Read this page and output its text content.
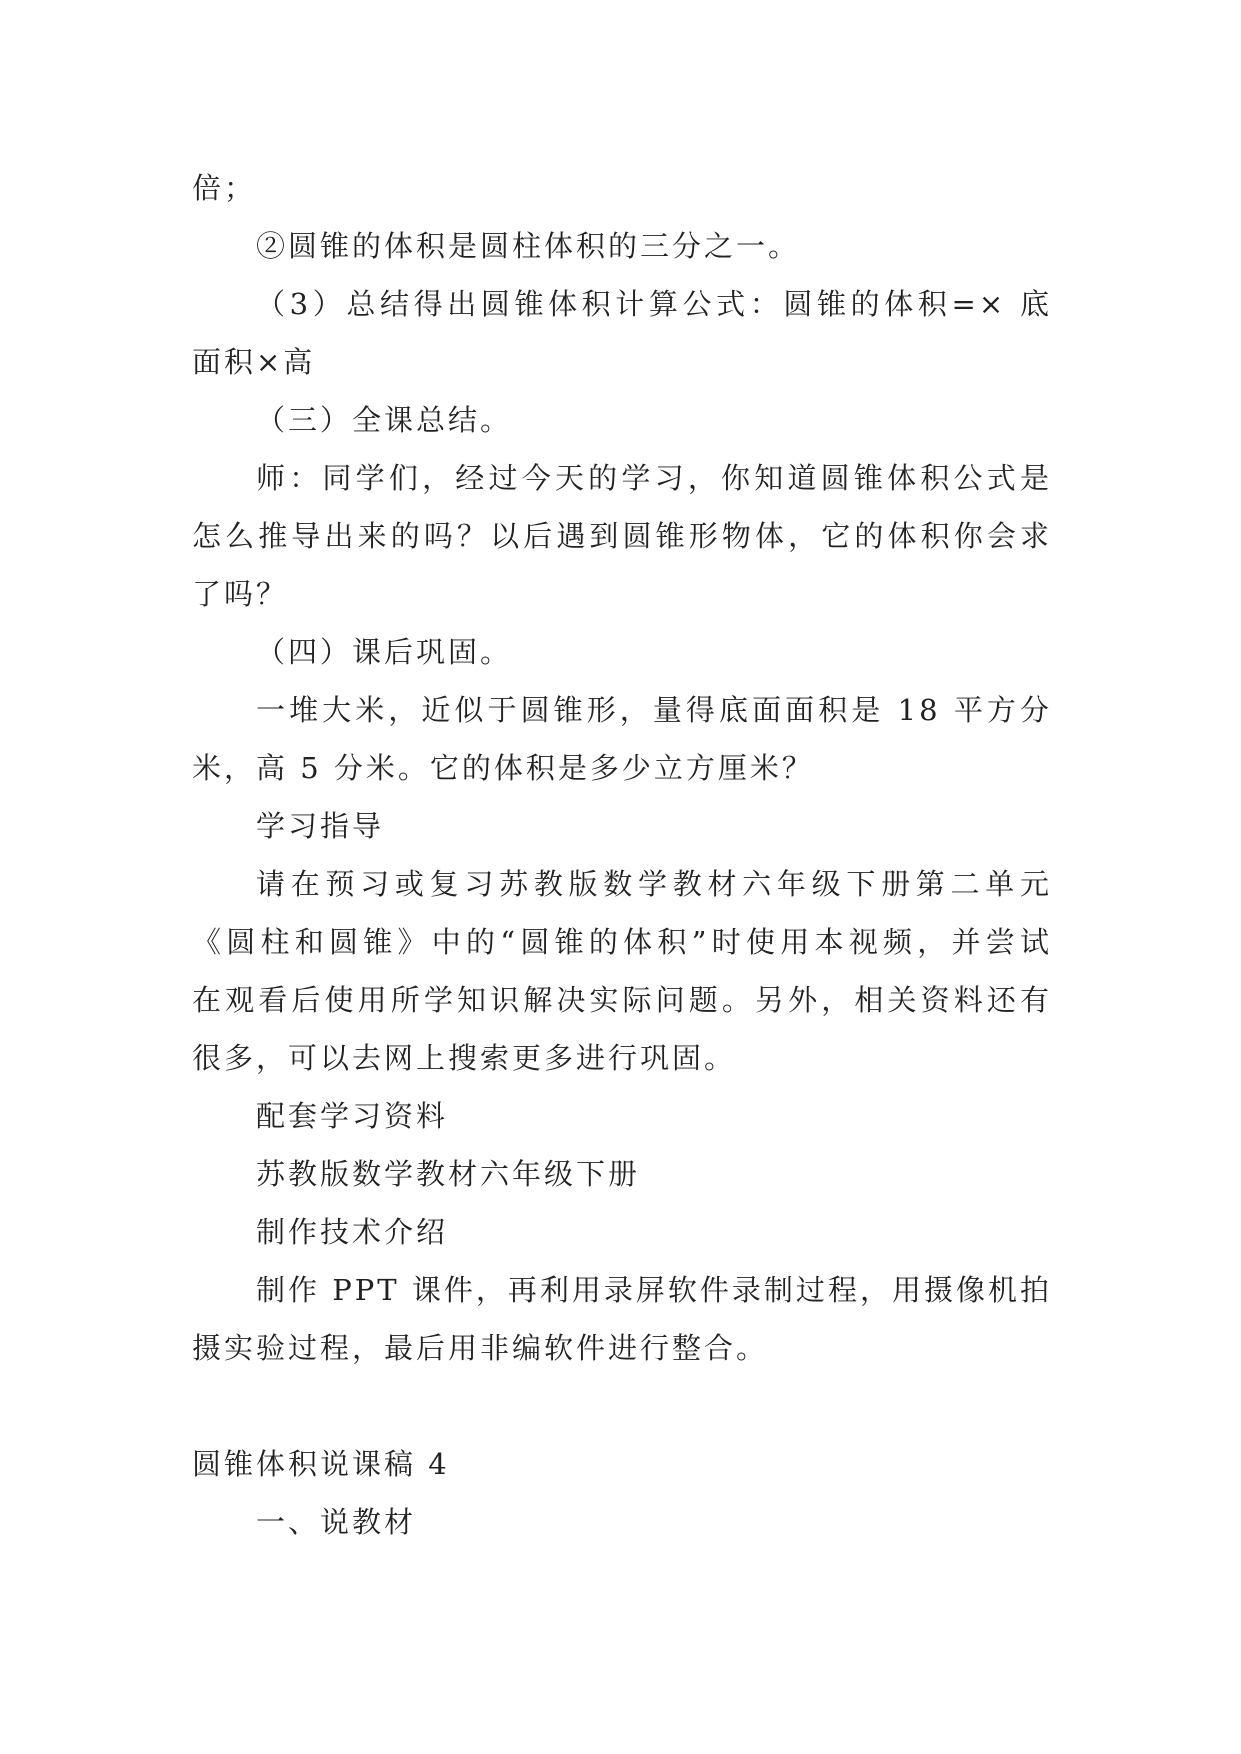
倍；
②圆锥的体积是圆柱体积的三分之一。
（3）总结得出圆锥体积计算公式：圆锥的体积=× 底
面积×高
（三）全课总结。
师：同学们，经过今天的学习，你知道圆锥体积公式是
怎么推导出来的吗？以后遇到圆锥形物体，它的体积你会求
了吗？
（四）课后巩固。
一堆大米，近似于圆锥形，量得底面面积是 18 平方分
米，高 5 分米。它的体积是多少立方厘米？
学习指导
请在预习或复习苏教版数学教材六年级下册第二单元
《圆柱和圆锥》中的“圆锥的体积”时使用本视频，并尝试
在观看后使用所学知识解决实际问题。另外，相关资料还有
很多，可以去网上搜索更多进行巩固。
配套学习资料
苏教版数学教材六年级下册
制作技术介绍
制作 PPT 课件，再利用录屏软件录制过程，用摄像机拍
摄实验过程，最后用非编软件进行整合。
圆锥体积说课稿 4
一、说教材
